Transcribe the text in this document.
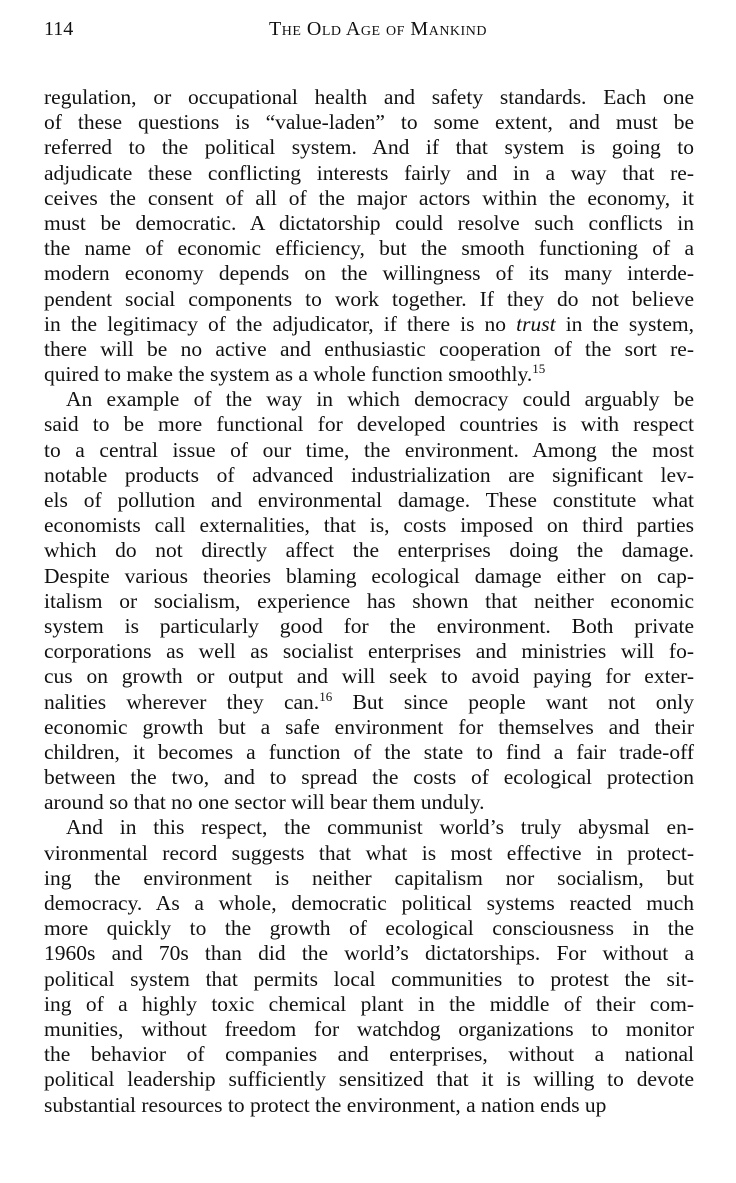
114	The Old Age of Mankind
regulation, or occupational health and safety standards. Each one
of these questions is “value-laden” to some extent, and must be
referred to the political system. And if that system is going to
adjudicate these conflicting interests fairly and in a way that re-
ceives the consent of all of the major actors within the economy, it
must be democratic. A dictatorship could resolve such conflicts in
the name of economic efficiency, but the smooth functioning of a
modern economy depends on the willingness of its many interde-
pendent social components to work together. If they do not believe
in the legitimacy of the adjudicator, if there is no trust in the system,
there will be no active and enthusiastic cooperation of the sort re-
quired to make the system as a whole function smoothly.$^{15}$
An example of the way in which democracy could arguably be
said to be more functional for developed countries is with respect
to a central issue of our time, the environment. Among the most
notable products of advanced industrialization are significant lev-
els of pollution and environmental damage. These constitute what
economists call externalities, that is, costs imposed on third parties
which do not directly affect the enterprises doing the damage.
Despite various theories blaming ecological damage either on cap-
italism or socialism, experience has shown that neither economic
system is particularly good for the environment. Both private
corporations as well as socialist enterprises and ministries will fo-
cus on growth or output and will seek to avoid paying for exter-
nalities wherever they can.$^{16}$ But since people want not only
economic growth but a safe environment for themselves and their
children, it becomes a function of the state to find a fair trade-off
between the two, and to spread the costs of ecological protection
around so that no one sector will bear them unduly.
And in this respect, the communist world’s truly abysmal en-
vironmental record suggests that what is most effective in protect-
ing the environment is neither capitalism nor socialism, but
democracy. As a whole, democratic political systems reacted much
more quickly to the growth of ecological consciousness in the
1960s and 70s than did the world’s dictatorships. For without a
political system that permits local communities to protest the sit-
ing of a highly toxic chemical plant in the middle of their com-
munities, without freedom for watchdog organizations to monitor
the behavior of companies and enterprises, without a national
political leadership sufficiently sensitized that it is willing to devote
substantial resources to protect the environment, a nation ends up
